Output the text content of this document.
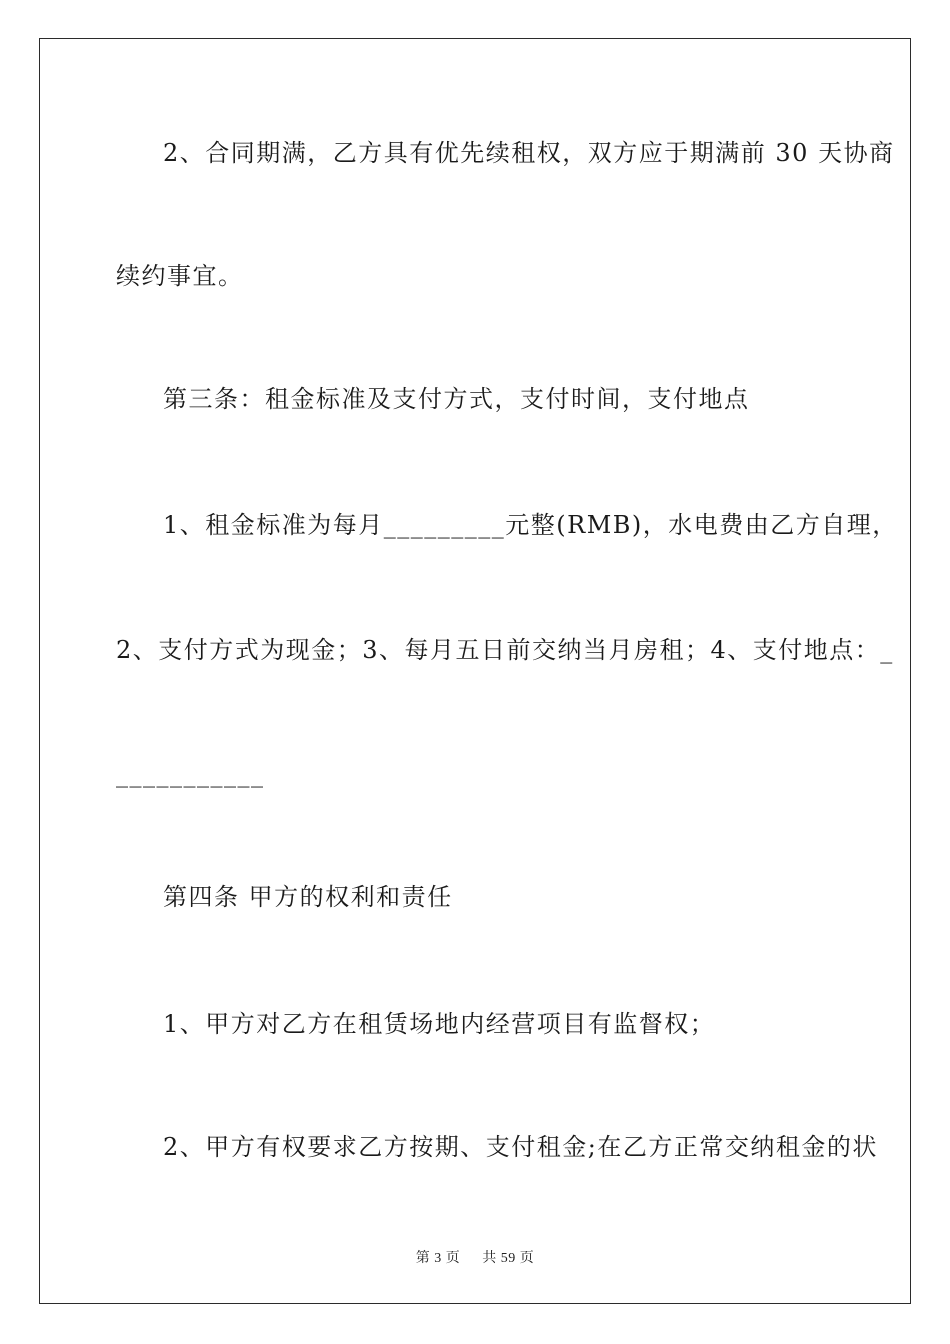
2、合同期满，乙方具有优先续租权，双方应于期满前 30 天协商
续约事宜。
第三条：租金标准及支付方式，支付时间，支付地点
1、租金标准为每月_________元整(RMB)，水电费由乙方自理，
2、支付方式为现金；3、每月五日前交纳当月房租；4、支付地点：_
___________
第四条 甲方的权利和责任
1、甲方对乙方在租赁场地内经营项目有监督权；
2、甲方有权要求乙方按期、支付租金;在乙方正常交纳租金的状
第 3 页 共 59 页
